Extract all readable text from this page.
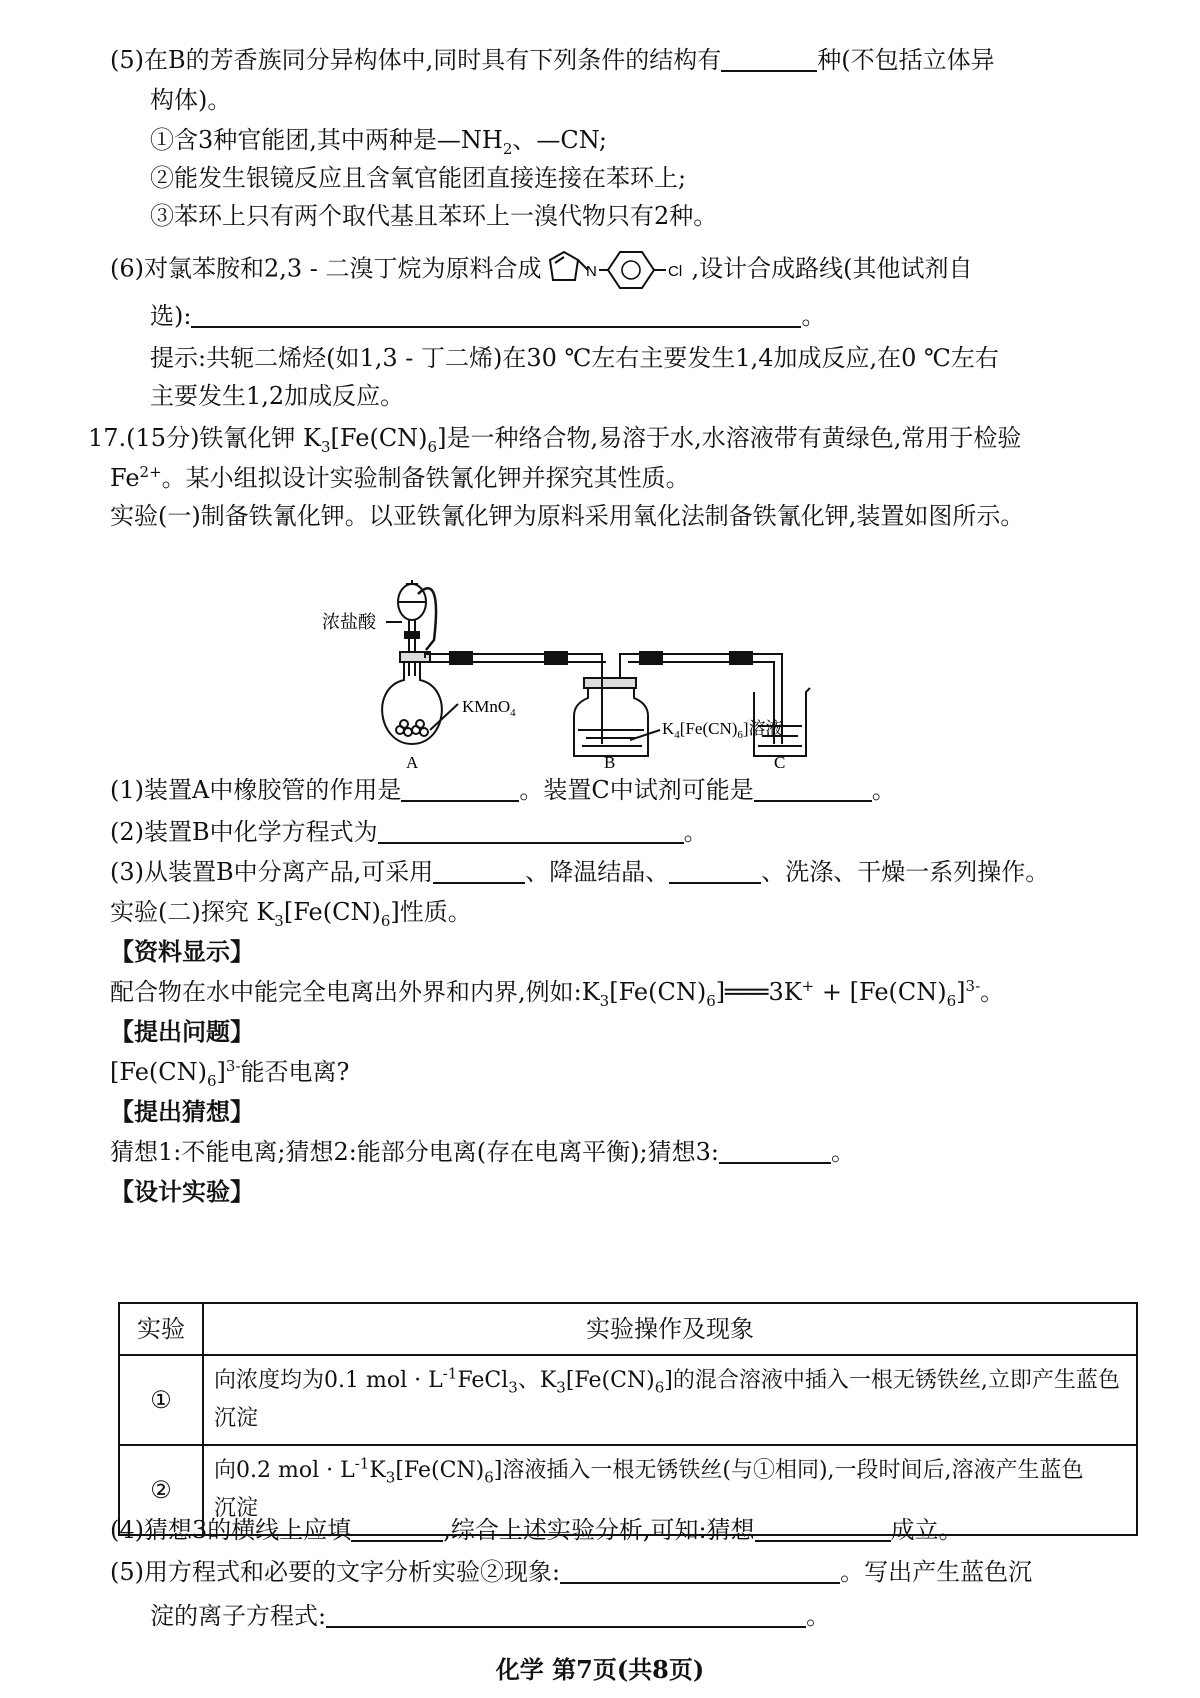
(5)在B的芳香族同分异构体中,同时具有下列条件的结构有	种(不包括立体异
构体)。
①含3种官能团,其中两种是$—NH_2$、—CN;
②能发生银镜反应且含氧官能团直接连接在苯环上;
③苯环上只有两个取代基且苯环上一溴代物只有2种。
(6)对氯苯胺和2,3 - 二溴丁烷为原料合成	N	Cl ,设计合成路线(其他试剂自
选):	。
提示:共轭二烯烃(如1,3 - 丁二烯)在30 ℃左右主要发生1,4加成反应,在0 ℃左右
主要发生1,2加成反应。
17.(15分)铁氰化钾 $K_3[Fe(CN)_6]$是一种络合物,易溶于水,水溶液带有黄绿色,常用于检验
$Fe^{2+}$。某小组拟设计实验制备铁氰化钾并探究其性质。
实验(一)制备铁氰化钾。以亚铁氰化钾为原料采用氧化法制备铁氰化钾,装置如图所示。
浓盐酸
KMnO$_4$
$K_4[Fe(CN)_6]$溶液
A	B	C
(1)装置A中橡胶管的作用是	。装置C中试剂可能是	。
(2)装置B中化学方程式为	。
(3)从装置B中分离产品,可采用	、降温结晶、	、洗涤、干燥一系列操作。
实验(二)探究 $K_3[Fe(CN)_6]$性质。
【资料显示】
配合物在水中能完全电离出外界和内界,例如$:K_3[Fe(CN)_6]═══3K^+ + [Fe(CN)_6]^{3-}$。
【提出问题】
$[Fe(CN)_6]^{3-}$能否电离?
【提出猜想】
猜想1:不能电离;猜想2:能部分电离(存在电离平衡);猜想3:	。
【设计实验】
实验	实验操作及现象
①	向浓度均为0.1 mol · $L^{-1}FeCl_3$、$K_3[Fe(CN)_6]$的混合溶液中插入一根无锈铁丝,立即产生蓝色沉淀
②	向0.2 mol · $L^{-1}K_3[Fe(CN)_6]$溶液插入一根无锈铁丝(与①相同),一段时间后,溶液产生蓝色
沉淀
(4)猜想3的横线上应填	,综合上述实验分析,可知:猜想	成立。
(5)用方程式和必要的文字分析实验②现象:	。写出产生蓝色沉
淀的离子方程式:	。
化学 第7页(共8页)
